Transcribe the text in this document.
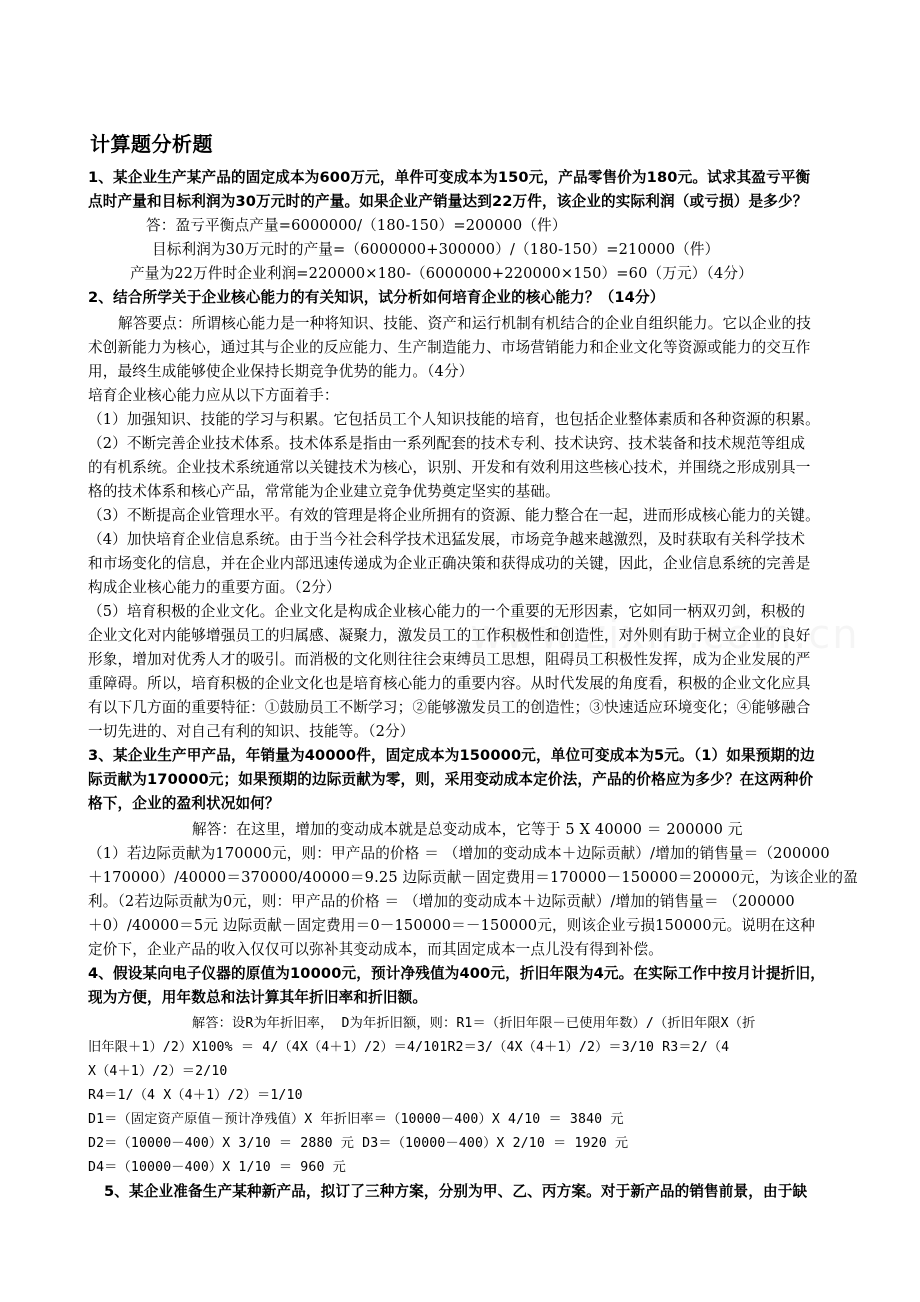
计算题分析题
1、某企业生产某产品的固定成本为600万元，单件可变成本为150元，产品零售价为180元。试求其盈亏平衡
点时产量和目标利润为30万元时的产量。如果企业产销量达到22万件，该企业的实际利润（或亏损）是多少？
答：盈亏平衡点产量=6000000/（180-150）=200000（件）
目标利润为30万元时的产量=（6000000+300000）/（180-150）=210000（件）
产量为22万件时企业利润=220000×180-（6000000+220000×150）=60（万元）（4分）
2、结合所学关于企业核心能力的有关知识，试分析如何培育企业的核心能力？（14分）
解答要点：所谓核心能力是一种将知识、技能、资产和运行机制有机结合的企业自组织能力。它以企业的技
术创新能力为核心，通过其与企业的反应能力、生产制造能力、市场营销能力和企业文化等资源或能力的交互作
用，最终生成能够使企业保持长期竞争优势的能力。（4分）
培育企业核心能力应从以下方面着手：
（1）加强知识、技能的学习与积累。它包括员工个人知识技能的培育，也包括企业整体素质和各种资源的积累。
（2）不断完善企业技术体系。技术体系是指由一系列配套的技术专利、技术诀窍、技术装备和技术规范等组成
的有机系统。企业技术系统通常以关键技术为核心，识别、开发和有效利用这些核心技术，并围绕之形成别具一
格的技术体系和核心产品，常常能为企业建立竞争优势奠定坚实的基础。
（3）不断提高企业管理水平。有效的管理是将企业所拥有的资源、能力整合在一起，进而形成核心能力的关键。
（4）加快培育企业信息系统。由于当今社会科学技术迅猛发展，市场竞争越来越激烈，及时获取有关科学技术
和市场变化的信息，并在企业内部迅速传递成为企业正确决策和获得成功的关键，因此，企业信息系统的完善是
构成企业核心能力的重要方面。（2分）
（5）培育积极的企业文化。企业文化是构成企业核心能力的一个重要的无形因素，它如同一柄双刃剑，积极的
企业文化对内能够增强员工的归属感、凝聚力，激发员工的工作积极性和创造性，对外则有助于树立企业的良好
形象，增加对优秀人才的吸引。而消极的文化则往往会束缚员工思想，阻碍员工积极性发挥，成为企业发展的严
重障碍。所以，培育积极的企业文化也是培育核心能力的重要内容。从时代发展的角度看，积极的企业文化应具
有以下几方面的重要特征：①鼓励员工不断学习；②能够激发员工的创造性；③快速适应环境变化；④能够融合
一切先进的、对自己有利的知识、技能等。（2分）
3、某企业生产甲产品，年销量为40000件，固定成本为150000元，单位可变成本为5元。（1）如果预期的边
际贡献为170000元；如果预期的边际贡献为零，则，采用变动成本定价法，产品的价格应为多少？在这两种价
格下，企业的盈利状况如何？
解答：在这里，增加的变动成本就是总变动成本，它等于 5 X 40000 ＝ 200000 元
（1）若边际贡献为170000元，则：甲产品的价格 ＝ （增加的变动成本＋边际贡献）/增加的销售量＝（200000
＋170000）/40000＝370000/40000＝9.25 边际贡献－固定费用＝170000－150000＝20000元，为该企业的盈
利。（2若边际贡献为0元，则：甲产品的价格 ＝ （增加的变动成本＋边际贡献）/增加的销售量＝ （200000
＋0）/40000＝5元 边际贡献－固定费用＝0－150000＝－150000元，则该企业亏损150000元。说明在这种
定价下，企业产品的收入仅仅可以弥补其变动成本，而其固定成本一点儿没有得到补偿。
4、假设某向电子仪器的原值为10000元，预计净残值为400元，折旧年限为4元。在实际工作中按月计提折旧，
现为方便，用年数总和法计算其年折旧率和折旧额。
解答：设R为年折旧率， D为年折旧额，则：R1＝（折旧年限－已使用年数）/（折旧年限X（折
旧年限＋1）/2）X100% ＝ 4/（4X（4＋1）/2）＝4/101R2＝3/（4X（4＋1）/2）＝3/10 R3＝2/（4
X（4＋1）/2）＝2/10
R4＝1/（4 X（4＋1）/2）＝1/10
D1＝（固定资产原值－预计净残值）X 年折旧率＝（10000－400）X 4/10 ＝ 3840 元
D2＝（10000－400）X 3/10 ＝ 2880 元 D3＝（10000－400）X 2/10 ＝ 1920 元
D4＝（10000－400）X 1/10 ＝ 960 元
5、某企业准备生产某种新产品，拟订了三种方案，分别为甲、乙、丙方案。对于新产品的销售前景，由于缺
